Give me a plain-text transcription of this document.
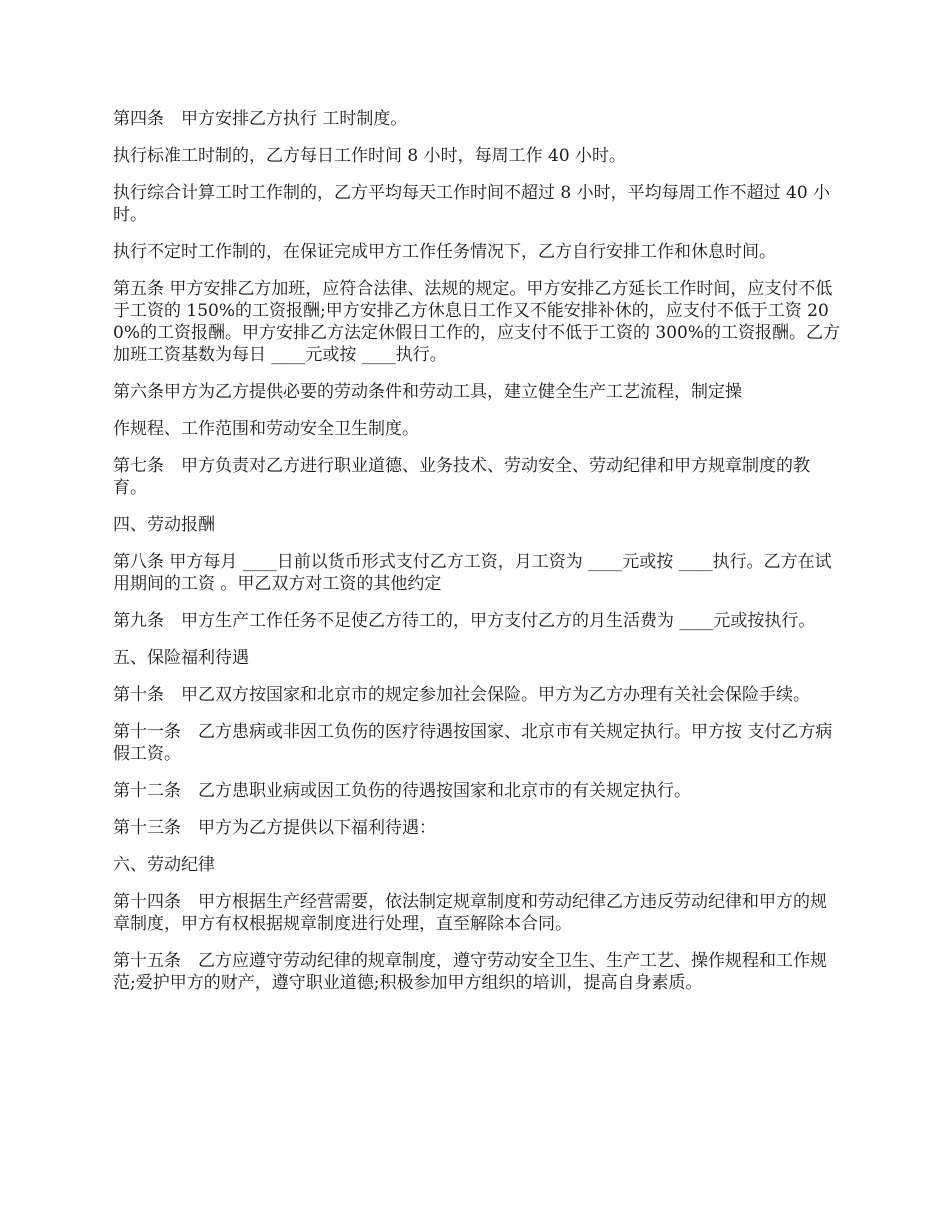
第四条　甲方安排乙方执行 工时制度。

执行标准工时制的，乙方每日工作时间 8 小时，每周工作 40 小时。

执行综合计算工时工作制的，乙方平均每天工作时间不超过 8 小时，平均每周工作不超过 40 小时。

执行不定时工作制的，在保证完成甲方工作任务情况下，乙方自行安排工作和休息时间。

第五条 甲方安排乙方加班，应符合法律、法规的规定。甲方安排乙方延长工作时间，应支付不低于工资的 150%的工资报酬;甲方安排乙方休息日工作又不能安排补休的，应支付不低于工资 200%的工资报酬。甲方安排乙方法定休假日工作的，应支付不低于工资的 300%的工资报酬。乙方加班工资基数为每日 ____元或按 ____执行。

第六条甲方为乙方提供必要的劳动条件和劳动工具，建立健全生产工艺流程，制定操

作规程、工作范围和劳动安全卫生制度。

第七条　甲方负责对乙方进行职业道德、业务技术、劳动安全、劳动纪律和甲方规章制度的教育。

四、劳动报酬

第八条 甲方每月 ____日前以货币形式支付乙方工资，月工资为 ____元或按 ____执行。乙方在试用期间的工资 。甲乙双方对工资的其他约定

第九条　甲方生产工作任务不足使乙方待工的，甲方支付乙方的月生活费为 ____元或按执行。

五、保险福利待遇

第十条　甲乙双方按国家和北京市的规定参加社会保险。甲方为乙方办理有关社会保险手续。

第十一条　乙方患病或非因工负伤的医疗待遇按国家、北京市有关规定执行。甲方按 支付乙方病假工资。

第十二条　乙方患职业病或因工负伤的待遇按国家和北京市的有关规定执行。

第十三条　甲方为乙方提供以下福利待遇：

六、劳动纪律

第十四条　甲方根据生产经营需要，依法制定规章制度和劳动纪律乙方违反劳动纪律和甲方的规章制度，甲方有权根据规章制度进行处理，直至解除本合同。

第十五条　乙方应遵守劳动纪律的规章制度，遵守劳动安全卫生、生产工艺、操作规程和工作规范;爱护甲方的财产，遵守职业道德;积极参加甲方组织的培训，提高自身素质。
